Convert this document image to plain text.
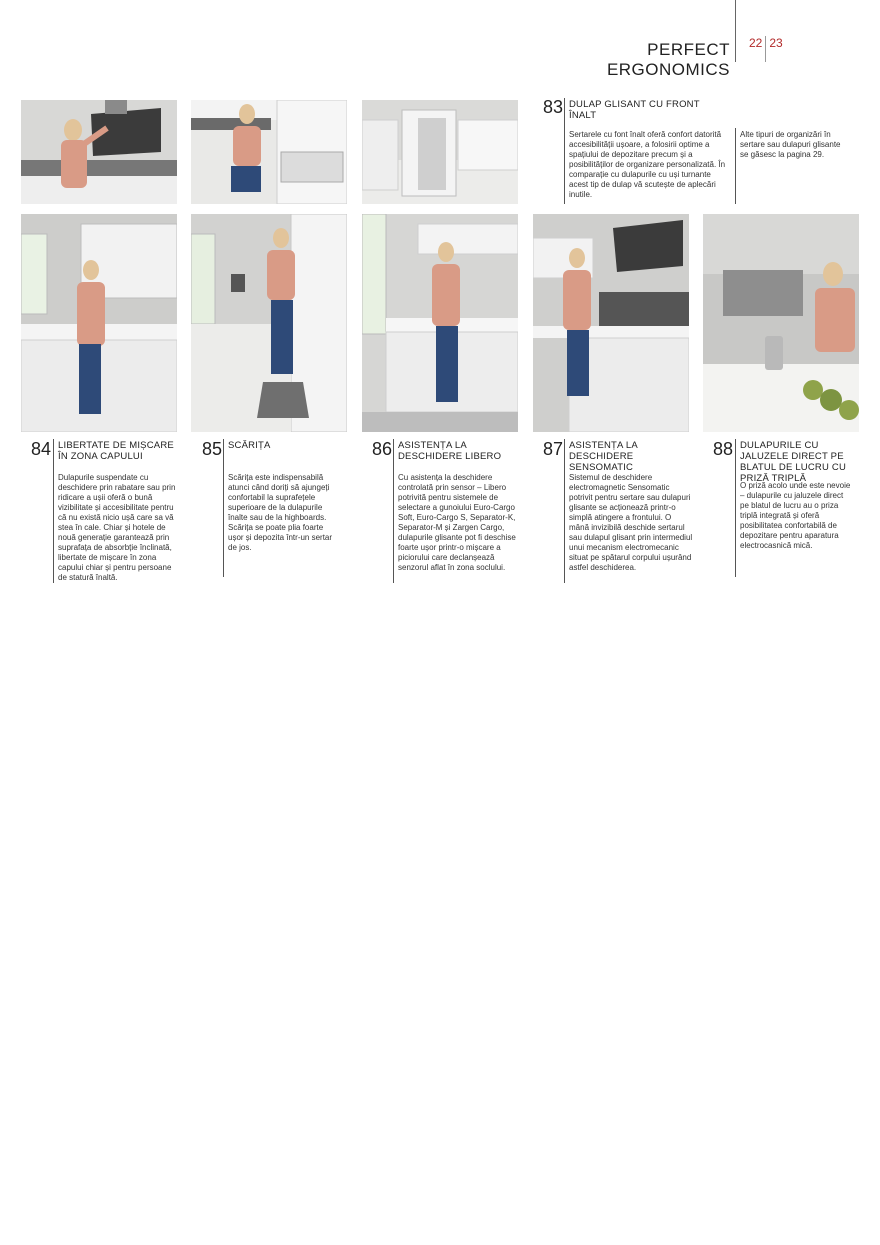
PERFECT ERGONOMICS
22 23
83 DULAP GLISANT CU FRONT ÎNALT
Sertarele cu font înalt oferă confort datorită accesibilității ușoare, a folosirii optime a spațiului de depozitare precum și a posibilităților de organizare personalizată. În comparație cu dulapurile cu uși turnante acest tip de dulap vă scutește de aplecări inutile.
Alte tipuri de organizări în sertare sau dulapuri glisante se găsesc la pagina 29.
84 LIBERTATE DE MIȘCARE ÎN ZONA CAPULUI
Dulapurile suspendate cu deschidere prin rabatare sau prin ridicare a ușii oferă o bună vizibilitate și accesibilitate pentru că nu există nicio ușă care sa vă stea în cale. Chiar și hotele de nouă generație garantează prin suprafața de absorbție înclinată, libertate de mișcare în zona capului chiar și pentru persoane de statură înaltă.
85 SCĂRIȚA
Scărița este indispensabilă atunci când doriți să ajungeți confortabil la suprafețele superioare de la dulapurile înalte sau de la highboards. Scărița se poate plia foarte ușor și depozita într-un sertar de jos.
86 ASISTENȚA LA DESCHIDERE LIBERO
Cu asistența la deschidere controlată prin sensor – Libero potrivită pentru sistemele de selectare a gunoiului Euro-Cargo Soft, Euro-Cargo S, Separator-K, Separator-M și Zargen Cargo, dulapurile glisante pot fi deschise foarte ușor printr-o mișcare a piciorului care declanșează senzorul aflat în zona soclului.
87 ASISTENȚA LA DESCHIDERE SENSOMATIC
Sistemul de deschidere electromagnetic Sensomatic potrivit pentru sertare sau dulapuri glisante se acționează printr-o simplă atingere a frontului. O mână invizibilă deschide sertarul sau dulapul glisant prin intermediul unui mecanism electromecanic situat pe spătarul corpului ușurând astfel deschiderea.
88 DULAPURILE CU JALUZELE DIRECT PE BLATUL DE LUCRU CU PRIZĂ TRIPLĂ
O priză acolo unde este nevoie – dulapurile cu jaluzele direct pe blatul de lucru au o priza triplă integrată și oferă posibilitatea confortabilă de depozitare pentru aparatura electrocasnică mică.
